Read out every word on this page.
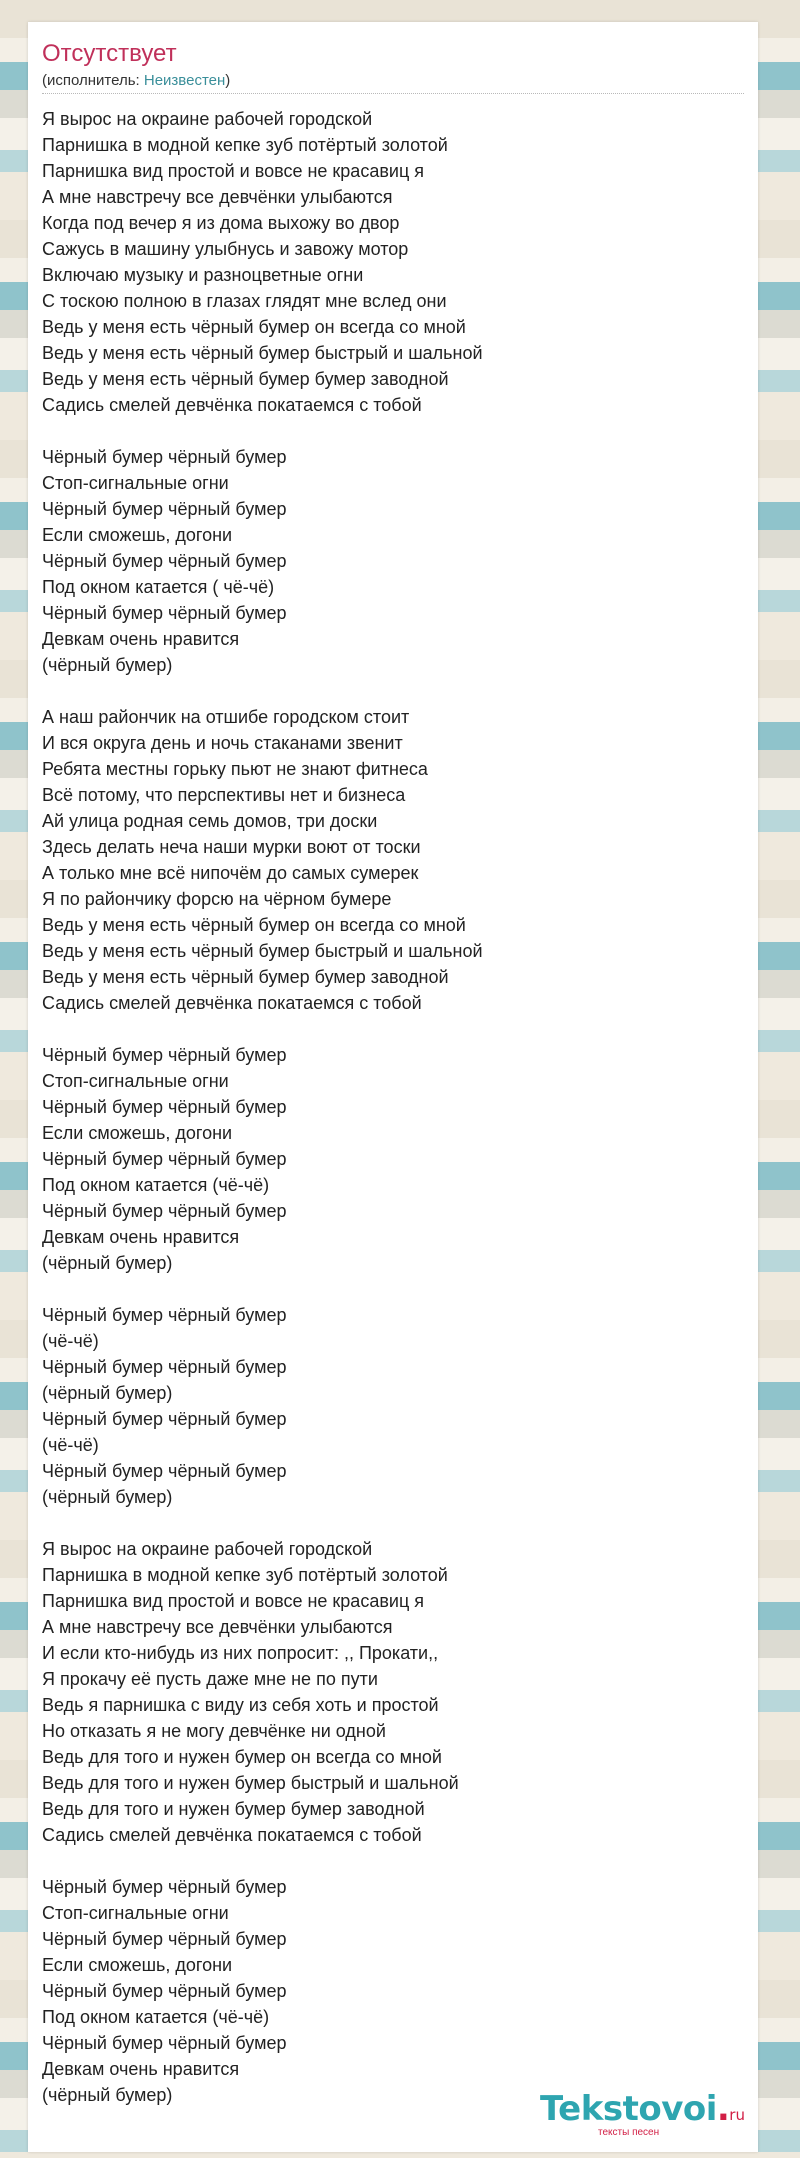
Отсутствует
(исполнитель: Неизвестен)
Я вырос на окраине рабочей городской
Парнишка в модной кепке зуб потёртый золотой
Парнишка вид простой и вовсе не красавиц я
А мне навстречу все девчёнки улыбаются
Когда под вечер я из дома выхожу во двор
Сажусь в машину улыбнусь и завожу мотор
Включаю музыку и разноцветные огни
С тоскою полною в глазах глядят мне вслед они
Ведь у меня есть чёрный бумер он всегда со мной
Ведь у меня есть чёрный бумер быстрый и шальной
Ведь у меня есть чёрный бумер бумер заводной
Садись смелей девчёнка покатаемся с тобой

Чёрный бумер чёрный бумер
Стоп-сигнальные огни
Чёрный бумер чёрный бумер
Если сможешь, догони
Чёрный бумер чёрный бумер
Под окном катается ( чё-чё)
Чёрный бумер чёрный бумер
Девкам очень нравится
(чёрный бумер)

А наш райончик на отшибе городском стоит
И вся округа день и ночь стаканами звенит
Ребята местны горьку пьют не знают фитнеса
Всё потому, что перспективы нет и бизнеса
Ай улица родная семь домов, три доски
Здесь делать неча наши мурки воют от тоски
А только мне всё нипочём до самых сумерек
Я по райончику форсю на чёрном бумере
Ведь у меня есть чёрный бумер он всегда со мной
Ведь у меня есть чёрный бумер быстрый и шальной
Ведь у меня есть чёрный бумер бумер заводной
Садись смелей девчёнка покатаемся с тобой

Чёрный бумер чёрный бумер
Стоп-сигнальные огни
Чёрный бумер чёрный бумер
Если сможешь, догони
Чёрный бумер чёрный бумер
Под окном катается (чё-чё)
Чёрный бумер чёрный бумер
Девкам очень нравится
(чёрный бумер)

Чёрный бумер чёрный бумер
(чё-чё)
Чёрный бумер чёрный бумер
(чёрный бумер)
Чёрный бумер чёрный бумер
(чё-чё)
Чёрный бумер чёрный бумер
(чёрный бумер)

Я вырос на окраине рабочей городской
Парнишка в модной кепке зуб потёртый золотой
Парнишка вид простой и вовсе не красавиц я
А мне навстречу все девчёнки улыбаются
И если кто-нибудь из них попросит: ,, Прокати,,
Я прокачу её пусть даже мне не по пути
Ведь я парнишка с виду из себя хоть и простой
Но отказать я не могу девчёнке ни одной
Ведь для того и нужен бумер он всегда со мной
Ведь для того и нужен бумер быстрый и шальной
Ведь для того и нужен бумер бумер заводной
Садись смелей девчёнка покатаемся с тобой

Чёрный бумер чёрный бумер
Стоп-сигнальные огни
Чёрный бумер чёрный бумер
Если сможешь, догони
Чёрный бумер чёрный бумер
Под окном катается (чё-чё)
Чёрный бумер чёрный бумер
Девкам очень нравится
(чёрный бумер)	Tekstovoi.ru
тексты песен
